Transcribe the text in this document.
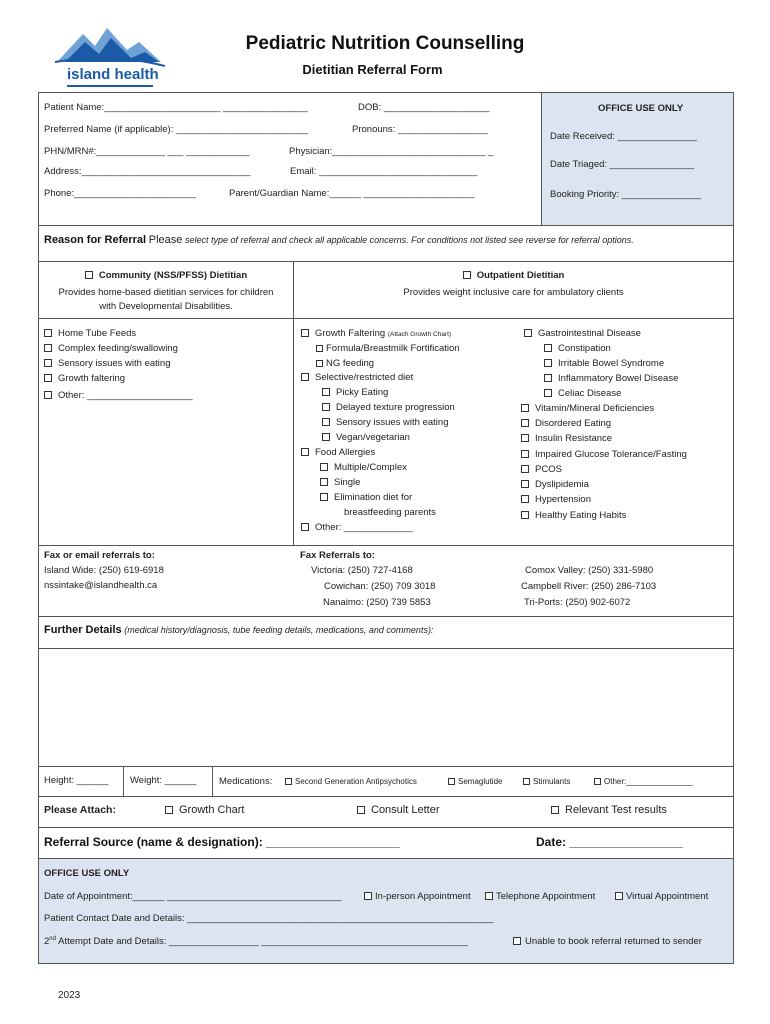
island health
Pediatric Nutrition Counselling
Dietitian Referral Form
OFFICE USE ONLY
Date Received: _______________
Date Triaged: ________________
Booking Priority: _______________
Patient Name:______________________ ________________	DOB: ____________________
Preferred Name (if applicable): _________________________	Pronouns: _________________
PHN/MRN#:_____________ ___ ____________	Physician:_____________________________ _
Address:________________________________	Email: ______________________________
Phone:_______________________	Parent/Guardian Name:______ _____________________
Reason for Referral Please select type of referral and check all applicable concerns. For conditions not listed see reverse for referral options.
Community (NSS/PFSS) Dietitian
Provides home-based dietitian services for children
with Developmental Disabilities.
Outpatient Dietitian
Provides weight inclusive care for ambulatory clients
Home Tube Feeds
Complex feeding/swallowing
Sensory issues with eating
Growth faltering
Other: ____________________
Growth Faltering (Attach Growth Chart)
Formula/Breastmilk Fortification
NG feeding
Selective/restricted diet
Picky Eating
Delayed texture progression
Sensory issues with eating
Vegan/vegetarian
Food Allergies
Multiple/Complex
Single
Elimination diet for
breastfeeding parents
Other: _____________
Gastrointestinal Disease
Constipation
Irritable Bowel Syndrome
Inflammatory Bowel Disease
Celiac Disease
Vitamin/Mineral Deficiencies
Disordered Eating
Insulin Resistance
Impaired Glucose Tolerance/Fasting
PCOS
Dyslipidemia
Hypertension
Healthy Eating Habits
Fax or email referrals to:
Island Wide: (250) 619-6918
nssintake@islandhealth.ca
Fax Referrals to:
Victoria: (250) 727-4168
Cowichan: (250) 709 3018
Nanaimo: (250) 739 5853
Comox Valley: (250) 331-5980
Campbell River: (250) 286-7103
Tri-Ports: (250) 902-6072
Further Details (medical history/diagnosis, tube feeding details, medications, and comments):
Height: ______ Weight: ______ Medications:	Second Generation Antipsychotics	Semaglutide	Stimulants	Other:_______________
Please Attach:	Growth Chart	Consult Letter	Relevant Test results
Referral Source (name & designation): ____________________	Date: _________________
OFFICE USE ONLY
Date of Appointment:______ _________________________________	In-person Appointment	Telephone Appointment	Virtual Appointment
Patient Contact Date and Details: __________________________________________________________
2nd Attempt Date and Details: _________________ _______________________________________	Unable to book referral returned to sender
2023
